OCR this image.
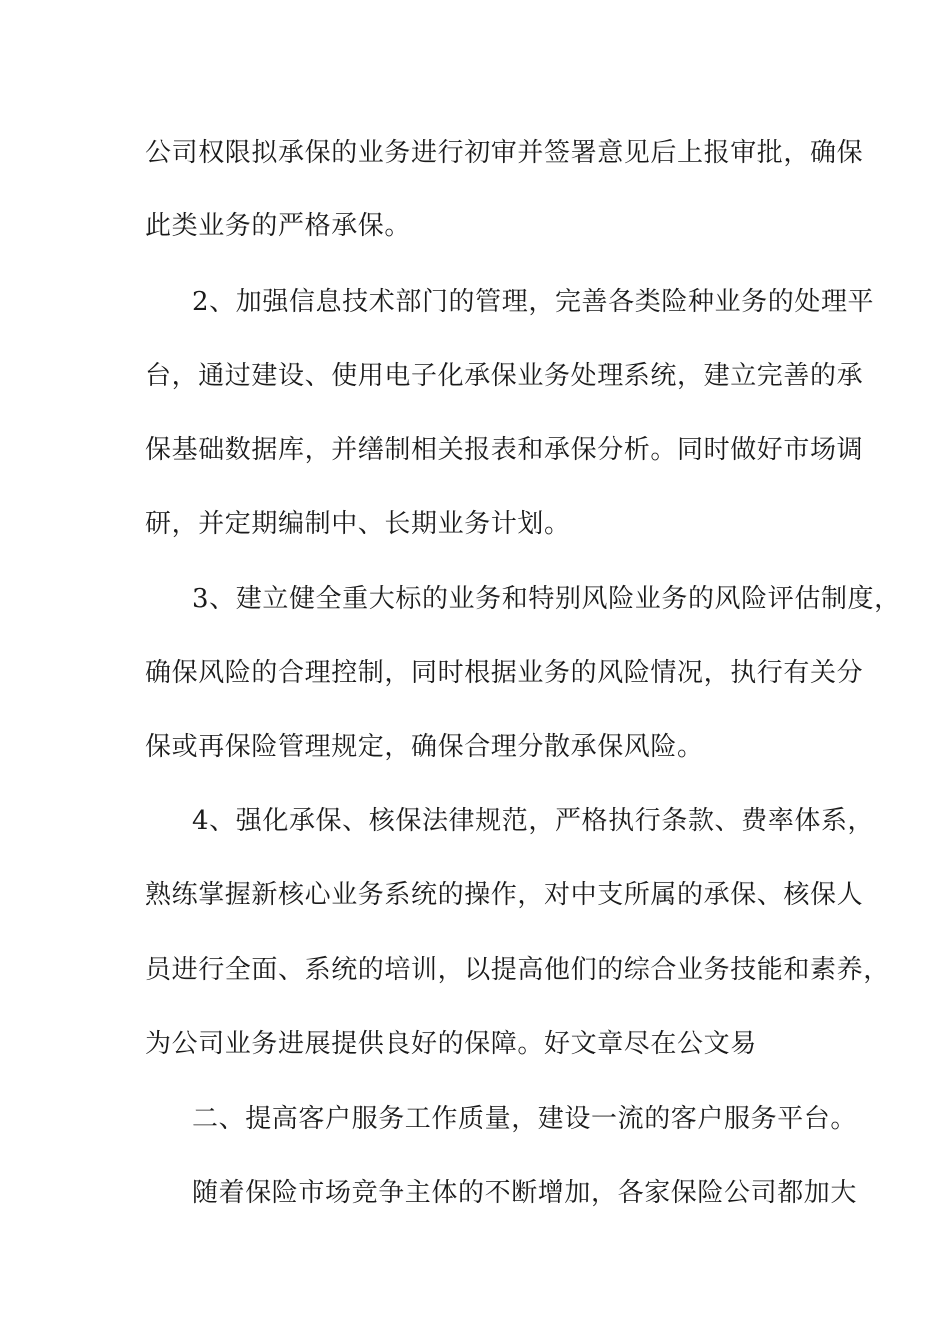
公司权限拟承保的业务进行初审并签署意见后上报审批，确保
此类业务的严格承保。
2、加强信息技术部门的管理，完善各类险种业务的处理平
台，通过建设、使用电子化承保业务处理系统，建立完善的承
保基础数据库，并缮制相关报表和承保分析。同时做好市场调
研，并定期编制中、长期业务计划。
3、建立健全重大标的业务和特别风险业务的风险评估制度，
确保风险的合理控制，同时根据业务的风险情况，执行有关分
保或再保险管理规定，确保合理分散承保风险。
4、强化承保、核保法律规范，严格执行条款、费率体系，
熟练掌握新核心业务系统的操作，对中支所属的承保、核保人
员进行全面、系统的培训，以提高他们的综合业务技能和素养，
为公司业务进展提供良好的保障。好文章尽在公文易
二、提高客户服务工作质量，建设一流的客户服务平台。
随着保险市场竞争主体的不断增加，各家保险公司都加大
